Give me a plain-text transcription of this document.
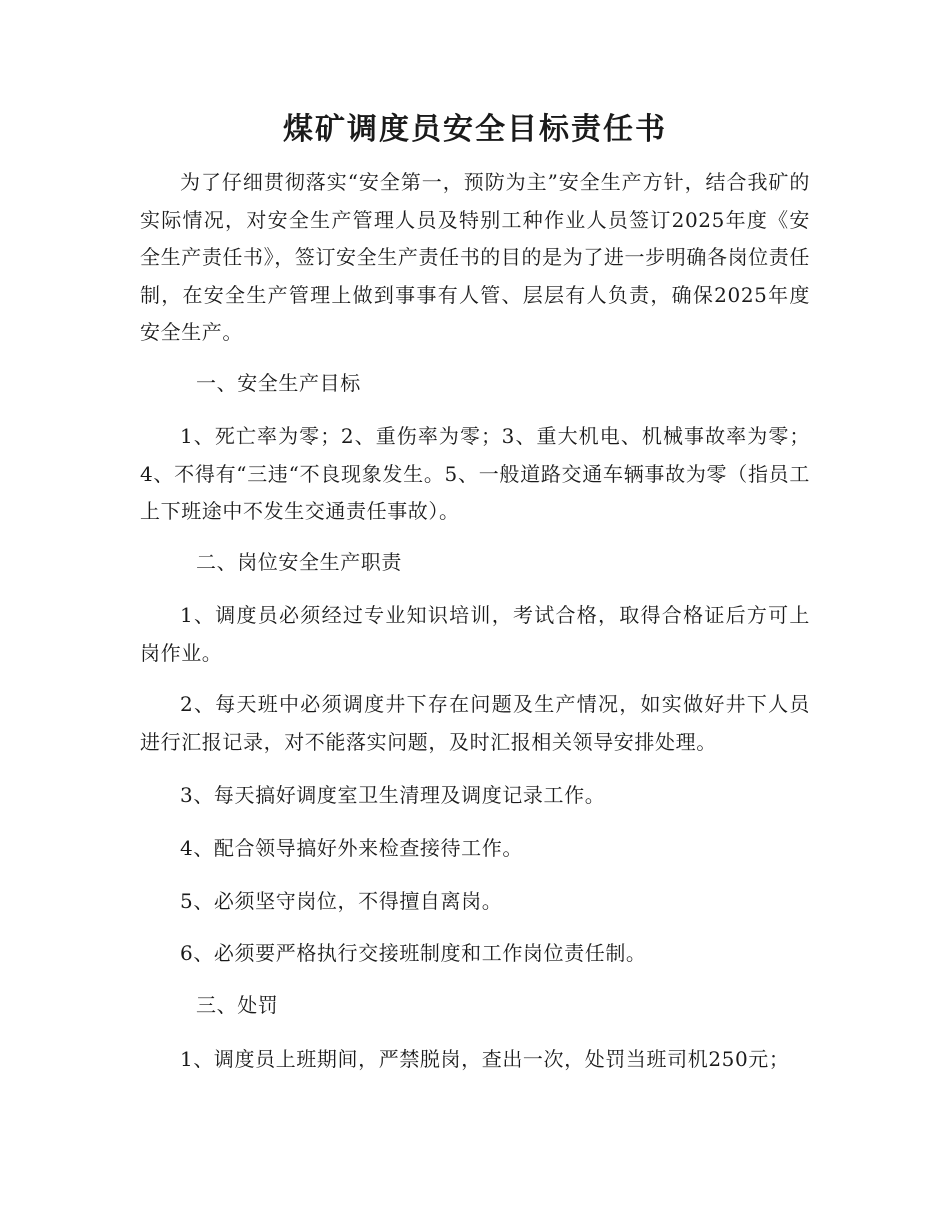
煤矿调度员安全目标责任书

为了仔细贯彻落实“安全第一，预防为主”安全生产方针，结合我矿的实际情况，对安全生产管理人员及特别工种作业人员签订2025年度《安全生产责任书》，签订安全生产责任书的目的是为了进一步明确各岗位责任制，在安全生产管理上做到事事有人管、层层有人负责，确保2025年度安全生产。

一、安全生产目标

1、死亡率为零；2、重伤率为零；3、重大机电、机械事故率为零；4、不得有“三违“不良现象发生。5、一般道路交通车辆事故为零（指员工上下班途中不发生交通责任事故）。

二、岗位安全生产职责

1、调度员必须经过专业知识培训，考试合格，取得合格证后方可上岗作业。

2、每天班中必须调度井下存在问题及生产情况，如实做好井下人员进行汇报记录，对不能落实问题，及时汇报相关领导安排处理。

3、每天搞好调度室卫生清理及调度记录工作。

4、配合领导搞好外来检查接待工作。

5、必须坚守岗位，不得擅自离岗。

6、必须要严格执行交接班制度和工作岗位责任制。

三、处罚

1、调度员上班期间，严禁脱岗，查出一次，处罚当班司机250元；
